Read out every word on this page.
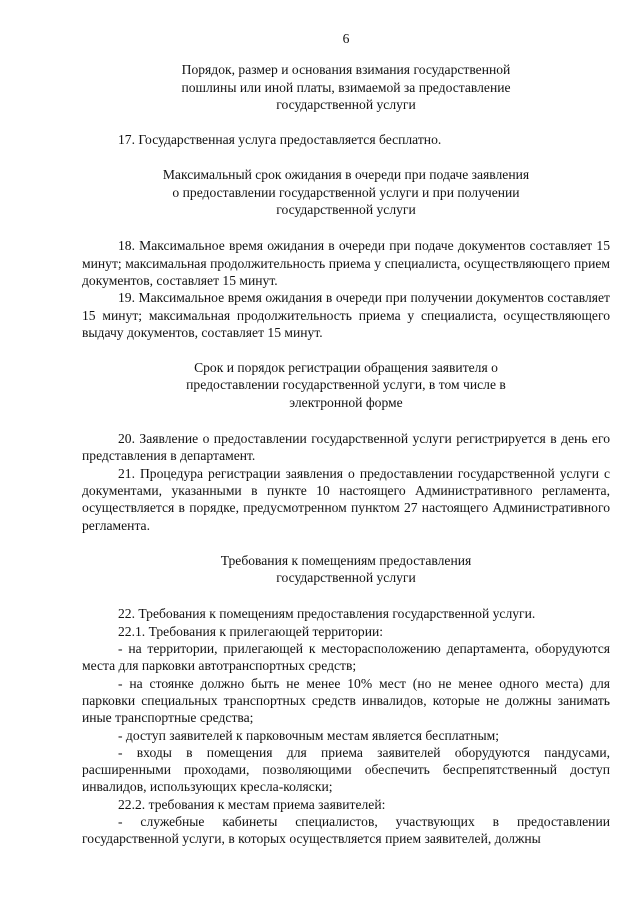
6
Порядок, размер и основания взимания государственной
пошлины или иной платы, взимаемой за предоставление
государственной услуги
17. Государственная услуга предоставляется бесплатно.
Максимальный срок ожидания в очереди при подаче заявления
о предоставлении государственной услуги и при получении
государственной услуги
18. Максимальное время ожидания в очереди при подаче документов составляет 15 минут; максимальная продолжительность приема у специалиста, осуществляющего прием документов, составляет 15 минут.
19. Максимальное время ожидания в очереди при получении документов составляет 15 минут; максимальная продолжительность приема у специалиста, осуществляющего выдачу документов, составляет 15 минут.
Срок и порядок регистрации обращения заявителя о
предоставлении государственной услуги, в том числе в
электронной форме
20. Заявление о предоставлении государственной услуги регистрируется в день его представления в департамент.
21. Процедура регистрации заявления о предоставлении государственной услуги с документами, указанными в пункте 10 настоящего Административного регламента, осуществляется в порядке, предусмотренном пунктом 27 настоящего Административного регламента.
Требования к помещениям предоставления
государственной услуги
22. Требования к помещениям предоставления государственной услуги.
22.1. Требования к прилегающей территории:
- на территории, прилегающей к месторасположению департамента, оборудуются места для парковки автотранспортных средств;
- на стоянке должно быть не менее 10% мест (но не менее одного места) для парковки специальных транспортных средств инвалидов, которые не должны занимать иные транспортные средства;
- доступ заявителей к парковочным местам является бесплатным;
- входы в помещения для приема заявителей оборудуются пандусами, расширенными проходами, позволяющими обеспечить беспрепятственный доступ инвалидов, использующих кресла-коляски;
22.2. требования к местам приема заявителей:
- служебные кабинеты специалистов, участвующих в предоставлении государственной услуги, в которых осуществляется прием заявителей, должны
